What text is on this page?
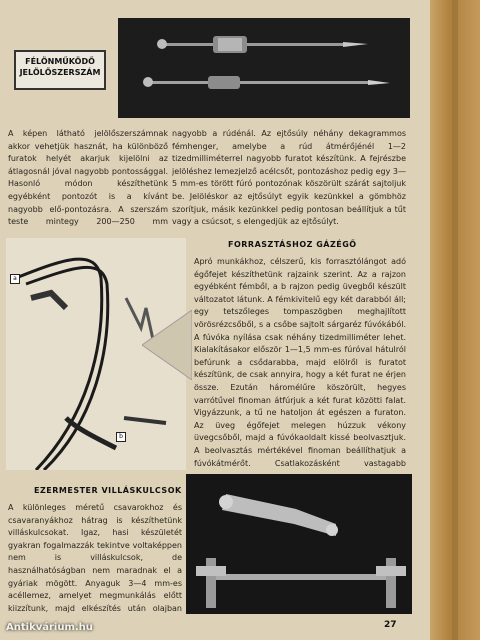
FÉLÖNMŰKÖDŐ JELÖLŐSZERSZÁM

A képen látható jelölőszerszámnak akkor vehetjük hasznát, ha különböző furatok helyét akarjuk kijelölni az átlagosnál jóval nagyobb pontossággal. Hasonló módon készíthetünk egyébként pontozót is a kívánt nagyobb elő-pontozásra. A szerszám teste mintegy 200—250 mm

nagyobb a rúdénál. Az ejtősúly néhány dekagrammos fémhenger, amelybe a rúd átmérőjénél 1—2 tizedmilliméterrel nagyobb furatot készítünk. A fejrészbe jelöléshez lemezjelző acélcsőt, pontozáshoz pedig egy 3—5 mm-es törött fúró pontozónak köszörült szárát sajtoljuk be. Jelöléskor az ejtősúlyt egyik kezünkkel a gömbhöz szorítjuk, másik kezünkkel pedig pontosan beállítjuk a tűt vagy a csúcsot, s elengedjük az ejtősúlyt.

a
b
FORRASZTÁSHOZ GÁZÉGŐ

Apró munkákhoz, célszerű, kis forrasztólángot adó égőfejet készíthetünk rajzaink szerint. Az a rajzon egyébként fémből, a b rajzon pedig üvegből készült változatot látunk. A fémkivitelű egy két darabból áll; egy tetszőleges tompaszögben meghajlított vörösrézcsőből, s a csőbe sajtolt sárgaréz fúvókából. A fúvóka nyílása csak néhány tizedmilliméter lehet. Kialakításakor először 1—1,5 mm-es fúróval hátulról befúrunk a csődarabba, majd elölről is furatot készítünk, de csak annyira, hogy a két furat ne érjen össze. Ezután háromélűre köszörült, hegyes varrótűvel finoman átfúrjuk a két furat közötti falat. Vigyázzunk, a tű ne hatoljon át egészen a furaton. Az üveg égőfejet melegen húzzuk vékony üvegcsőből, majd a fúvókaoldalt kissé beolvasztjuk. A beolvasztás mértékével finoman beállíthatjuk a fúvókátmérőt. Csatlakozásként vastagabb

EZERMESTER VILLÁSKULCSOK

A különleges méretű csavarokhoz és csavaranyákhoz hátrag is készíthetünk villáskulcsokat. Igaz, hasi készületét gyakran fogalmazzák tekintve voltaképpen nem is villáskulcsok, de használhatóságban nem maradnak el a gyáriak mögött. Anyaguk 3—4 mm-es acéllemez, amelyet megmunkálás előtt kiizzítunk, majd elkészítés után olajban

27
Antikvárium.hu
